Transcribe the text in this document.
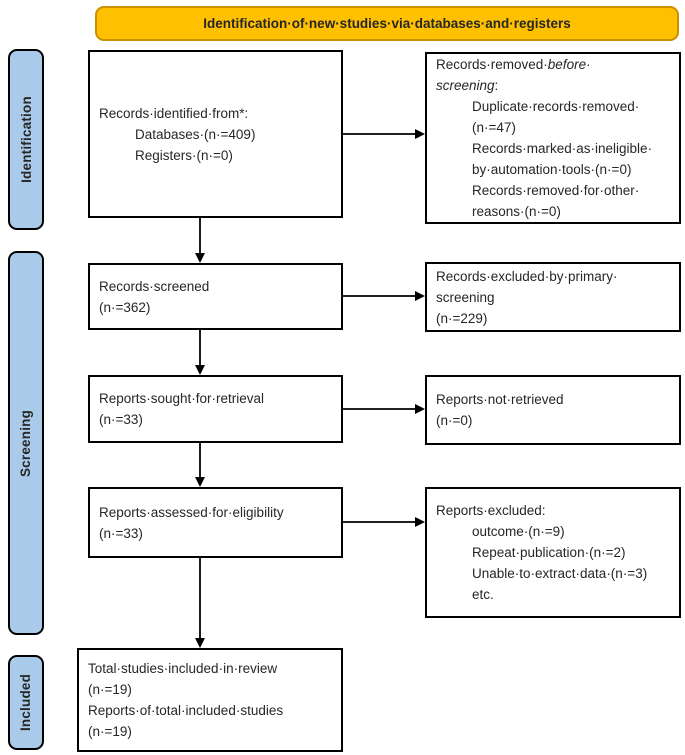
Identification·of·new·studies·via·databases·and·registers
Identification
Screening
Included
Records·identified·from*:
Databases·(n·=409)
Registers·(n·=0)
Records·screened
(n·=362)
Reports·sought·for·retrieval
(n·=33)
Reports·assessed·for·eligibility
(n·=33)
Total·studies·included·in·review
(n·=19)
Reports·of·total·included·studies
(n·=19)
Records·removed·before·
screening:
Duplicate·records·removed·
(n·=47)
Records·marked·as·ineligible·
by·automation·tools·(n·=0)
Records·removed·for·other·
reasons·(n·=0)
Records·excluded·by·primary·
screening
(n·=229)
Reports·not·retrieved
(n·=0)
Reports·excluded:
outcome·(n·=9)
Repeat·publication·(n·=2)
Unable·to·extract·data·(n·=3)
etc.
